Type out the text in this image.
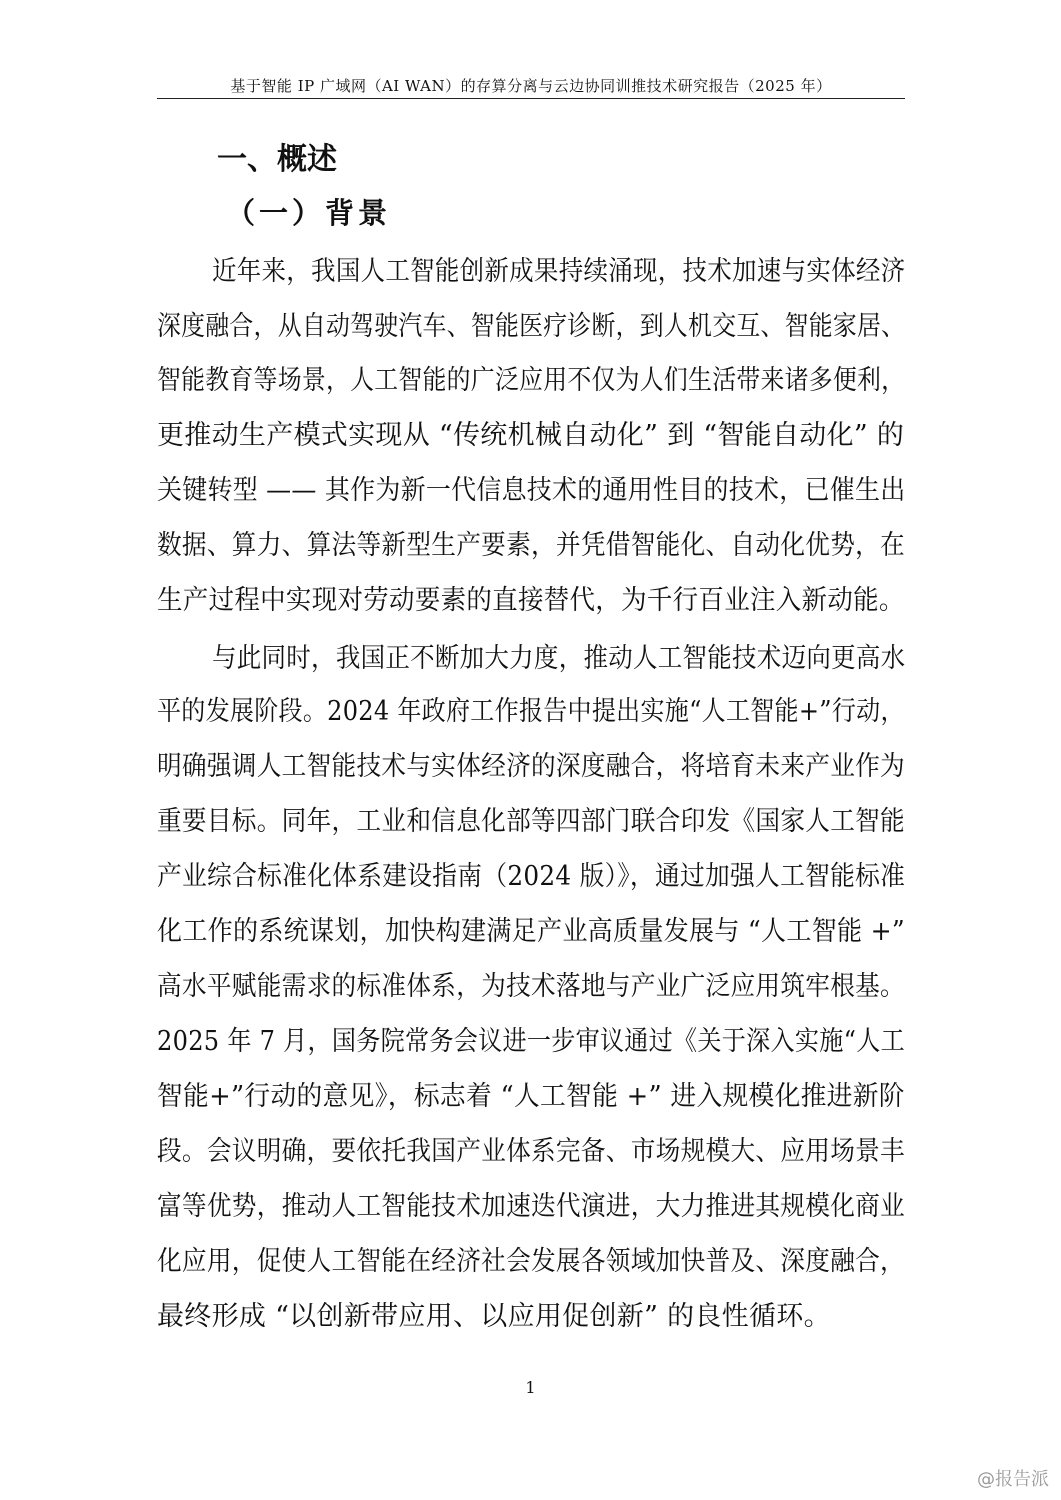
基于智能 IP 广域网（AI WAN）的存算分离与云边协同训推技术研究报告（2025 年）
一、概述
（一）背景
近年来，我国人工智能创新成果持续涌现，技术加速与实体经济
深度融合，从自动驾驶汽车、智能医疗诊断，到人机交互、智能家居、
智能教育等场景，人工智能的广泛应用不仅为人们生活带来诸多便利，
更推动生产模式实现从 “传统机械自动化” 到 “智能自动化” 的
关键转型 —— 其作为新一代信息技术的通用性目的技术，已催生出
数据、算力、算法等新型生产要素，并凭借智能化、自动化优势，在
生产过程中实现对劳动要素的直接替代，为千行百业注入新动能。
与此同时，我国正不断加大力度，推动人工智能技术迈向更高水
平的发展阶段。2024 年政府工作报告中提出实施“人工智能+”行动，
明确强调人工智能技术与实体经济的深度融合，将培育未来产业作为
重要目标。同年，工业和信息化部等四部门联合印发《国家人工智能
产业综合标准化体系建设指南（2024 版）》，通过加强人工智能标准
化工作的系统谋划，加快构建满足产业高质量发展与 “人工智能 +”
高水平赋能需求的标准体系，为技术落地与产业广泛应用筑牢根基。
2025 年 7 月，国务院常务会议进一步审议通过《关于深入实施“人工
智能+”行动的意见》，标志着 “人工智能 +” 进入规模化推进新阶
段。会议明确，要依托我国产业体系完备、市场规模大、应用场景丰
富等优势，推动人工智能技术加速迭代演进，大力推进其规模化商业
化应用，促使人工智能在经济社会发展各领域加快普及、深度融合，
最终形成 “以创新带应用、以应用促创新” 的良性循环。
1
@报告派
